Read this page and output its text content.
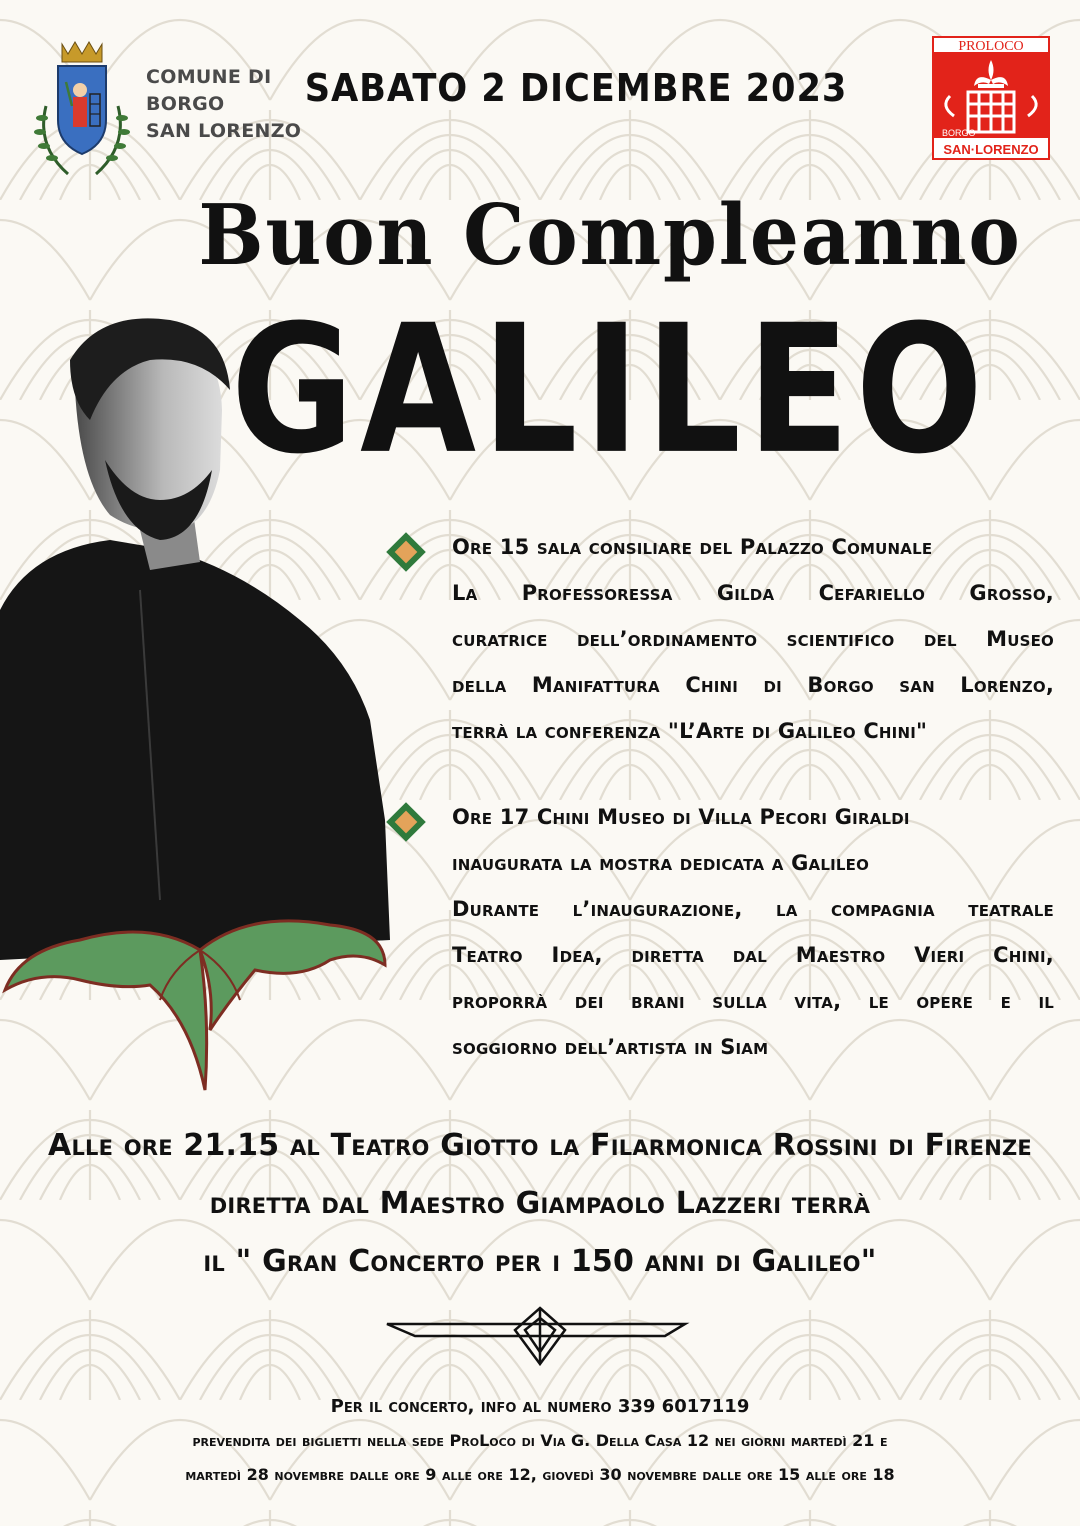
COMUNE DI
BORGO
SAN LORENZO
SABATO 2 DICEMBRE 2023
PROLOCO
BORGO
SAN·LORENZO
Buon Compleanno
GALILEO
Ore 15 sala consiliare del Palazzo Comunale
La Professoressa Gilda Cefariello Grosso,
curatrice dell’ordinamento scientifico del Museo
della Manifattura Chini di Borgo san Lorenzo,
terrà la conferenza "L’Arte di Galileo Chini"
Ore 17 Chini Museo di Villa Pecori Giraldi
inaugurata la mostra dedicata a Galileo
Durante l’inaugurazione, la compagnia teatrale
Teatro Idea, diretta dal Maestro Vieri Chini,
proporrà dei brani sulla vita, le opere e il
soggiorno dell’artista in Siam
Alle ore 21.15 al Teatro Giotto la Filarmonica Rossini di Firenze
diretta dal Maestro Giampaolo Lazzeri terrà
il " Gran Concerto per i 150 anni di Galileo"
Per il concerto, info al numero 339 6017119
prevendita dei biglietti nella sede ProLoco di Via G. Della Casa 12 nei giorni martedì 21 e
martedì 28 novembre dalle ore 9 alle ore 12, giovedì 30 novembre dalle ore 15 alle ore 18
